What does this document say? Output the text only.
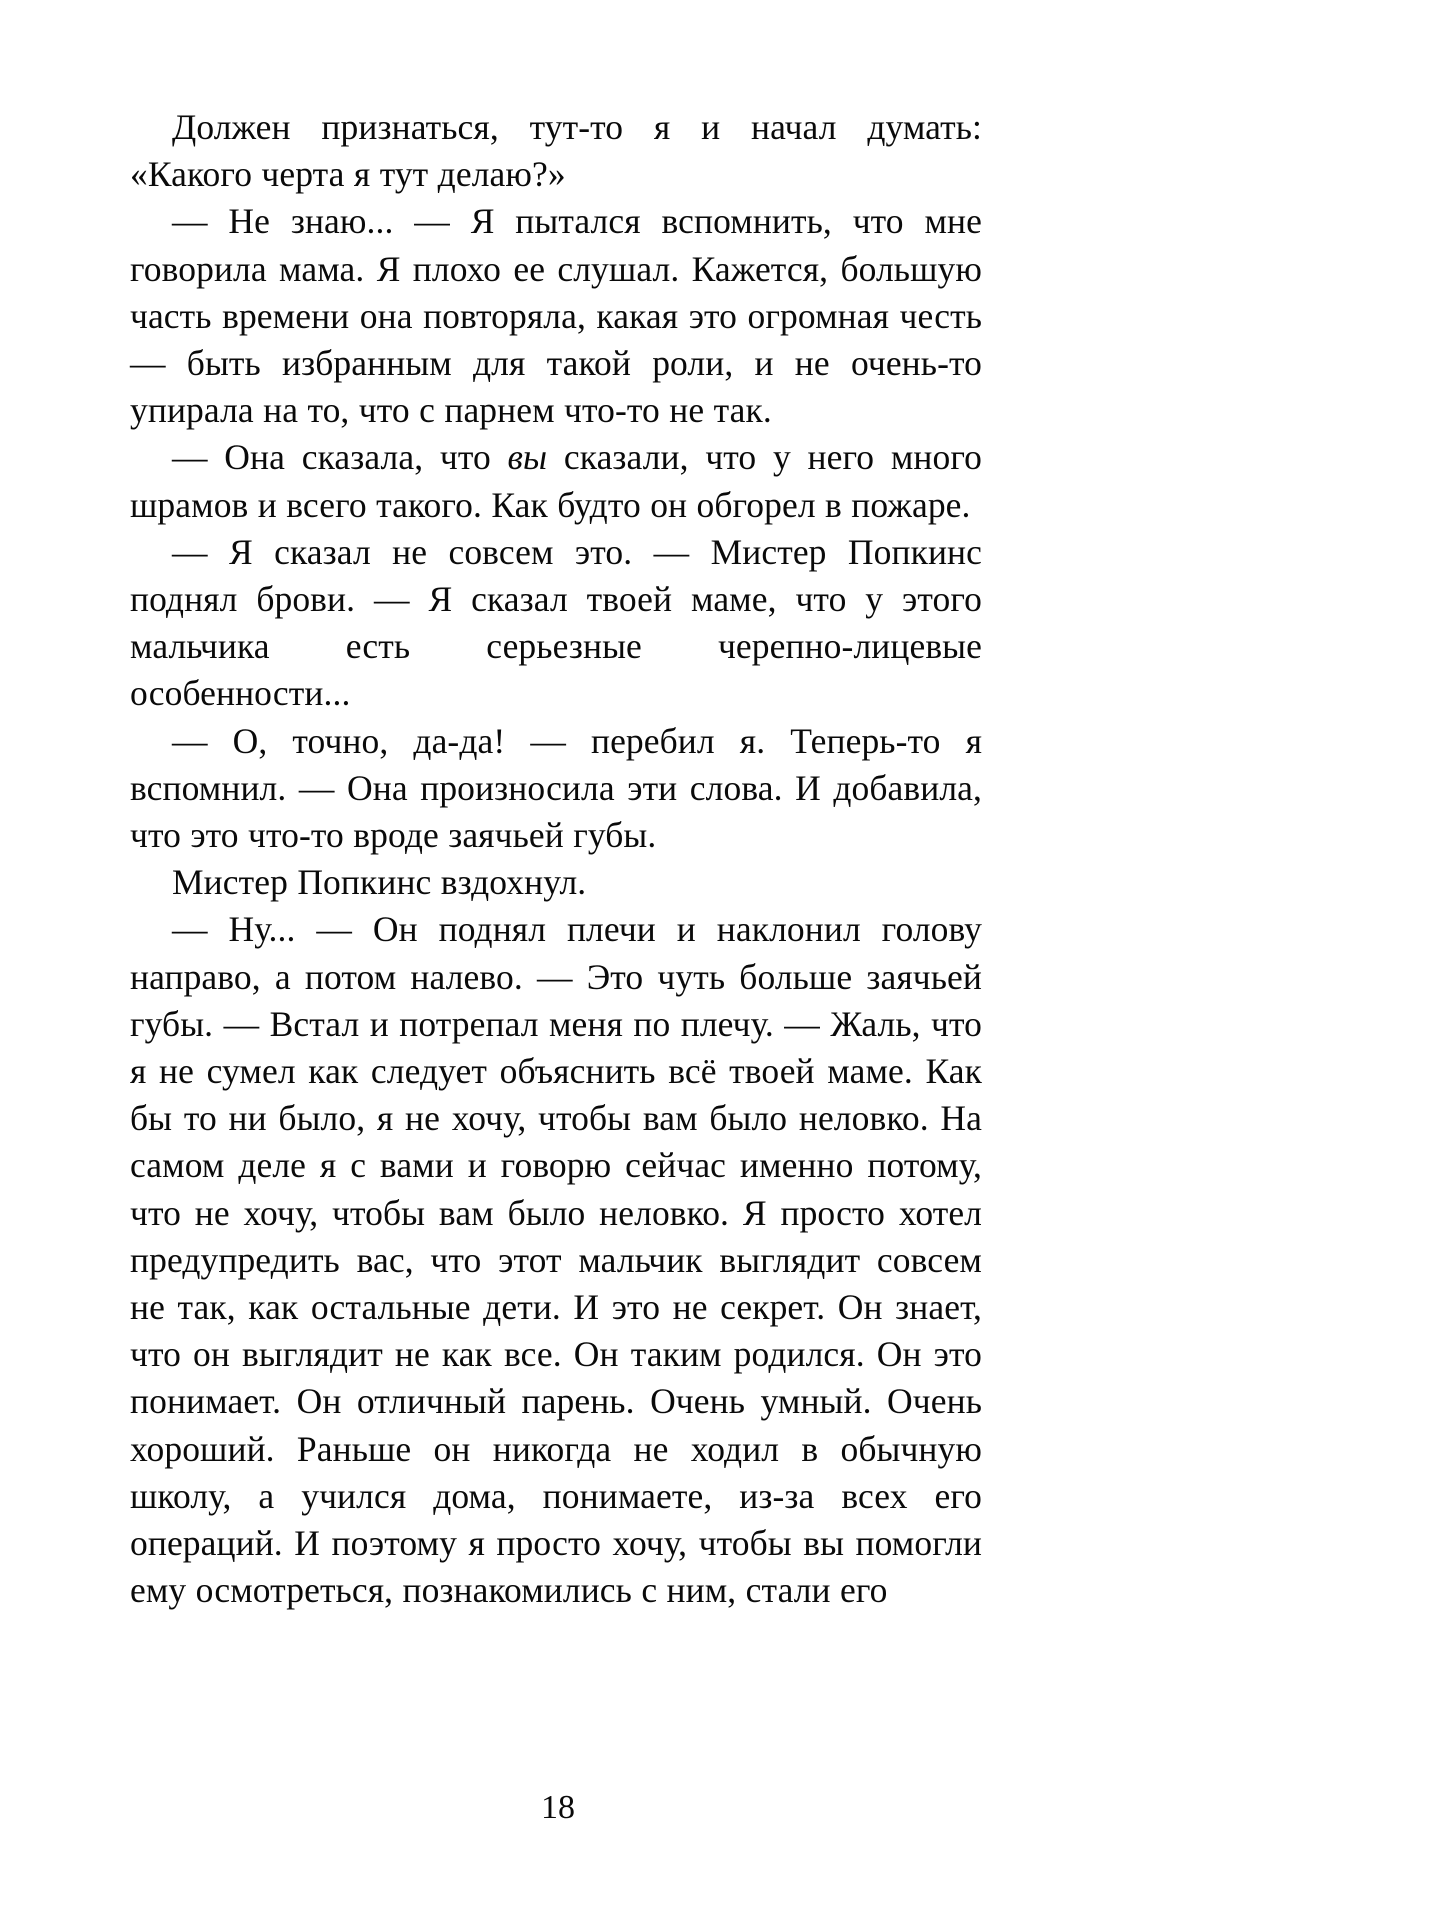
Должен признаться, тут-то я и начал думать: «Какого черта я тут делаю?»

— Не знаю... — Я пытался вспомнить, что мне говорила мама. Я плохо ее слушал. Кажется, большую часть времени она повторяла, какая это огромная честь — быть избранным для такой роли, и не очень-то упирала на то, что с парнем что-то не так.

— Она сказала, что вы сказали, что у него много шрамов и всего такого. Как будто он обгорел в пожаре.

— Я сказал не совсем это. — Мистер Попкинс поднял брови. — Я сказал твоей маме, что у этого мальчика есть серьезные черепно-лицевые особенности...

— О, точно, да-да! — перебил я. Теперь-то я вспомнил. — Она произносила эти слова. И добавила, что это что-то вроде заячьей губы.

Мистер Попкинс вздохнул.

— Ну... — Он поднял плечи и наклонил голову направо, а потом налево. — Это чуть больше заячьей губы. — Встал и потрепал меня по плечу. — Жаль, что я не сумел как следует объяснить всё твоей маме. Как бы то ни было, я не хочу, чтобы вам было неловко. На самом деле я с вами и говорю сейчас именно потому, что не хочу, чтобы вам было неловко. Я просто хотел предупредить вас, что этот мальчик выглядит совсем не так, как остальные дети. И это не секрет. Он знает, что он выглядит не как все. Он таким родился. Он это понимает. Он отличный парень. Очень умный. Очень хороший. Раньше он никогда не ходил в обычную школу, а учился дома, понимаете, из-за всех его операций. И поэтому я просто хочу, чтобы вы помогли ему осмотреться, познакомились с ним, стали его

18
